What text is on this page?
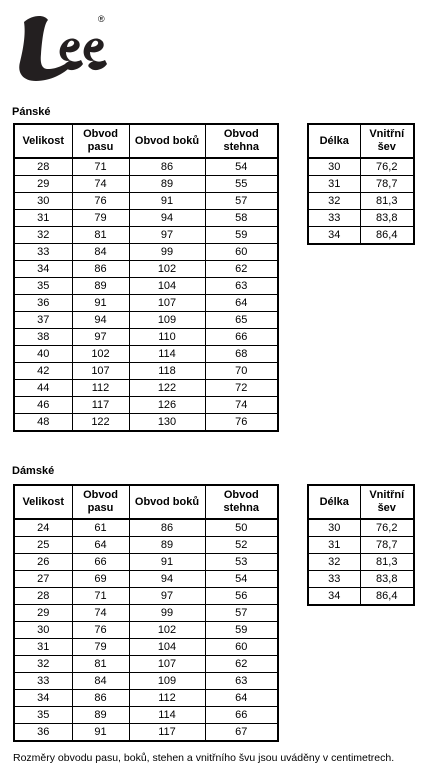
®
Pánské
Velikost	Obvod pasu	Obvod boků	Obvod stehna
28	71	86	54
29	74	89	55
30	76	91	57
31	79	94	58
32	81	97	59
33	84	99	60
34	86	102	62
35	89	104	63
36	91	107	64
37	94	109	65
38	97	110	66
40	102	114	68
42	107	118	70
44	112	122	72
46	117	126	74
48	122	130	76
Délka	Vnitřní šev
30	76,2
31	78,7
32	81,3
33	83,8
34	86,4
Dámské
Velikost	Obvod pasu	Obvod boků	Obvod stehna
24	61	86	50
25	64	89	52
26	66	91	53
27	69	94	54
28	71	97	56
29	74	99	57
30	76	102	59
31	79	104	60
32	81	107	62
33	84	109	63
34	86	112	64
35	89	114	66
36	91	117	67
Délka	Vnitřní šev
30	76,2
31	78,7
32	81,3
33	83,8
34	86,4
Rozměry obvodu pasu, boků, stehen a vnitřního švu jsou uváděny v centimetrech.
